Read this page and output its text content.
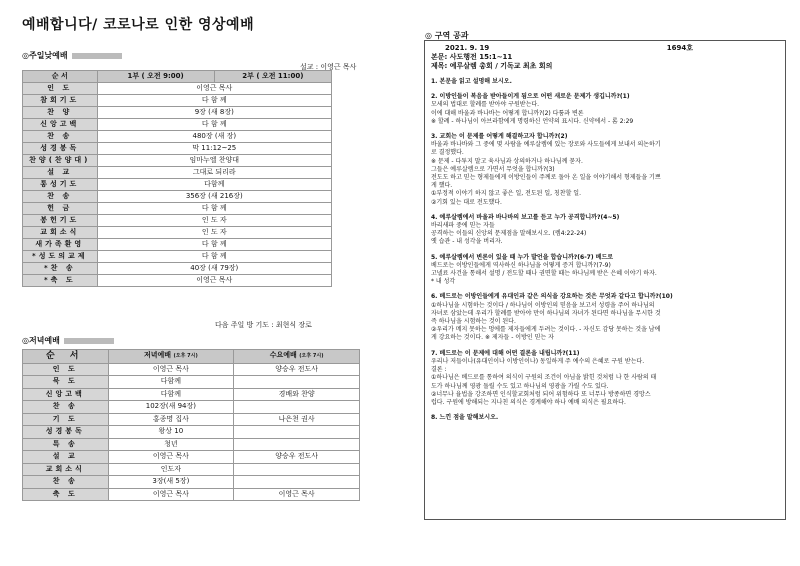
예배합니다/ 코로나로 인한 영상예배
◎주일낮예배
설교 : 이영근 목사
순 서	1부 ( 오전 9:00)	2부 ( 오전 11:00)
인 도	이영근 목사	
참회기도	다 함 께	
찬 양	9장 (새 8장)	
신앙고백	다 함 께	
찬 송	480장 (새 장)	
성경봉독	막 11:12~25	
찬양(찬양대)	임마누엘 찬양대	
설 교	그대로 되리라	
통성기도	다함께	
찬 송	356장 (새 216장)	
헌 금	다 함 께	
봉헌기도	인 도 자	
교회소식	인 도 자	
새가족환영	다 함 께	
*성도의교제	다 함 께	
*찬 송	40장 (새 79장)	
*축 도	이영근 목사	
다음 주일 방 기도 : 최현식 장로
◎저녁예배
순 서	저녁예배 (오후 7시)	수요예배 (오후 7시)
인 도	이영근 목사	양승우 전도사
묵 도	다함께	
신앙고백	다함께	경배와 찬양
찬 송	102장(새 94장)	
기 도	홍종명 집사	나은천 권사
성경봉독	왕상 10	
특 송	청년	
설 교	이영근 목사	양승우 전도사
교회소식	인도자	
찬 송	3장(새 5장)	
축 도	이영근 목사	이영근 목사
◎ 구역 공과
2021. 9. 19	1694호
본문: 사도행전 15:1~11
제목: 예루살렘 총회 / 기독교 최초 회의

1. 본문을 읽고 설명해 보시오.

2. 이방인들이 복음을 받아들이게 됨으로 어떤 새로운 문제가 생깁니까?(1)

모세의 법대로 할례를 받아야 구원받는다.

이에 대해 바울과 바나바는 어떻게 합니까?(2) 다툼과 변론

※ 할례 - 하나님이 아브라함에게 명령하신 언약의 표시다. 신약에서 - 롬 2:29

3. 교회는 이 문제를 어떻게 해결하고자 합니까?(2)

바울과 바나바와 그 중에 몇 사람을 예루살렘에 있는 장로와 사도들에게 보내서 의논하기

로 결정했다.

※ 문제 - 다투지 말고 육사님과 상의하거나 하나님께 묻자.

그들은 예루살렘으로 가면서 무엇을 합니까?(3)

전도도 하고 믿는 형제들에게 이방인들이 주께로 돌아 온 일을 이야기해서 형제들을 기쁘

게 했다.

①부정적 이야기 하지 않고 좋은 일, 전도된 일, 칭찬할 일.

②기회 있는 대로 전도했다.

4. 예루살렘에서 바울과 바나바의 보고를 듣고 누가 공격합니까?(4~5)

바리새파 중에 믿는 자들

공격하는 이들의 신앙의 문제점을 말해보시오. (렘4:22-24)

옛 습관 - 내 성각을 버리자.

5. 예루살렘에서 변론이 있을 때 누가 발언을 합습니까?(6-7) 베드로

베드로는 이방인들에게 역사하신 하나님을 어떻게 증거 합니까?(7-9)

고넬료 사건을 통해서 설명 / 전도할 때나 권면할 때는 하나님께 받은 은혜 이야기 하자.

* 내 성각

6. 베드로는 이방인들에게 유대인과 같은 의식을 강요하는 것은 무엇과 같다고 합니까?(10)

①하나님을 시험하는 것이다 / 하나님이 이방인의 믿음을 보고서 성령을 주어 하나님의

자녀로 삼았는데 우리가 할례를 받아야 만이 하나님의 자녀가 된다면 하나님을 무시한 것

즉 하나님을 시험하는 것이 된다.

②우리가 메지 못하는 멍에를 제자들에게 두려는 것이다. - 자신도 감당 못하는 것을 남에

게 강요하는 것이다. ※ 제자들 - 이방인 믿는 자

7. 베드로는 이 문제에 대해 어떤 결론을 내립니까?(11)

우리나 저들이나(유대인이나 이방인이나) 동일하게 주 예수의 은혜로 구원 받는다.

결론 :

①하나님은 베드로를 통하여 의식이 구원의 조건이 아님을 밝힌 것처럼 나 한 사람의 태

도가 하나님께 영광 돌릴 수도 있고 하나님의 영광을 가릴 수도 있다.

②너무나 율법을 강조하면 인식할교회처럼 되어 위험하다 또 너무나 방종하면 경망스

럽다. 구원에 방해되는 지나친 의식은 경계해야 하나 예배 의식은 필요하다.

8. 느낀 점을 말해보시오.
